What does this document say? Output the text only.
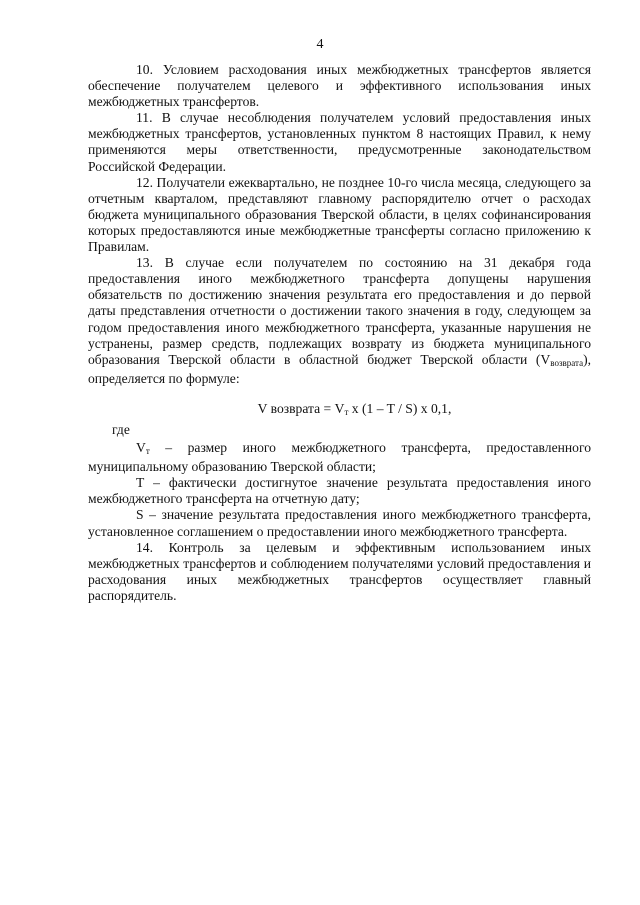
4

10. Условием расходования иных межбюджетных трансфертов является обеспечение получателем целевого и эффективного использования иных межбюджетных трансфертов.

11. В случае несоблюдения получателем условий предоставления иных межбюджетных трансфертов, установленных пунктом 8 настоящих Правил, к нему применяются меры ответственности, предусмотренные законодательством Российской Федерации.

12. Получатели ежеквартально, не позднее 10-го числа месяца, следующего за отчетным кварталом, представляют главному распорядителю отчет о расходах бюджета муниципального образования Тверской области, в целях софинансирования которых предоставляются иные межбюджетные трансферты согласно приложению к Правилам.

13. В случае если получателем по состоянию на 31 декабря года предоставления иного межбюджетного трансферта допущены нарушения обязательств по достижению значения результата его предоставления и до первой даты представления отчетности о достижении такого значения в году, следующем за годом предоставления иного межбюджетного трансферта, указанные нарушения не устранены, размер средств, подлежащих возврату из бюджета муниципального образования Тверской области в областной бюджет Тверской области $(V_{возврата})$, определяется по формуле:

V возврата = $V_т$ x (1 – T / S) x 0,1,
где

$V_т$ – размер иного межбюджетного трансферта, предоставленного муниципальному образованию Тверской области;

T – фактически достигнутое значение результата предоставления иного межбюджетного трансферта на отчетную дату;

S – значение результата предоставления иного межбюджетного трансферта, установленное соглашением о предоставлении иного межбюджетного трансферта.

14. Контроль за целевым и эффективным использованием иных межбюджетных трансфертов и соблюдением получателями условий предоставления и расходования иных межбюджетных трансфертов осуществляет главный распорядитель.
